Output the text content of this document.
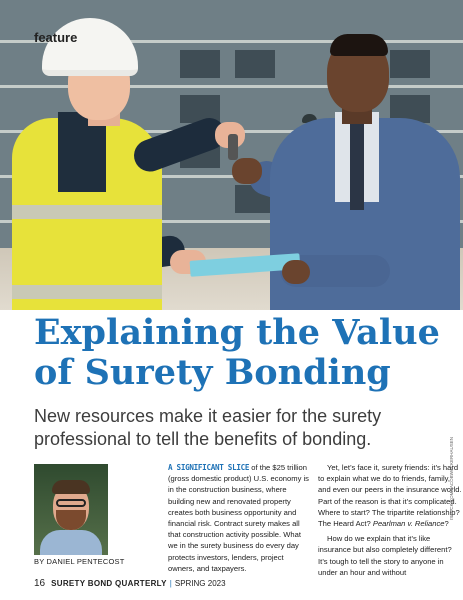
feature
Explaining the Value of Surety Bonding

New resources make it easier for the surety professional to tell the benefits of bonding.

BY DANIEL PENTECOST

A SIGNIFICANT SLICE of the $25 trillion (gross domestic product) U.S. economy is in the construction business, where building new and renovated property creates both business opportunity and financial risk. Contract surety makes all that construction activity possible. What we in the surety business do every day protects investors, lenders, project owners, and taxpayers.

Yet, let’s face it, surety friends: it’s hard to explain what we do to friends, family, and even our peers in the insurance world. Part of the reason is that it’s complicated. Where to start? The tripartite relationship? The Heard Act? Pearlman v. Reliance?

How do we explain that it’s like insurance but also completely different? It’s tough to tell the story to anyone in under an hour and without

ISTOCK.COM/JACOBWACKERHAUSEN
16 SURETY BOND QUARTERLY | SPRING 2023
